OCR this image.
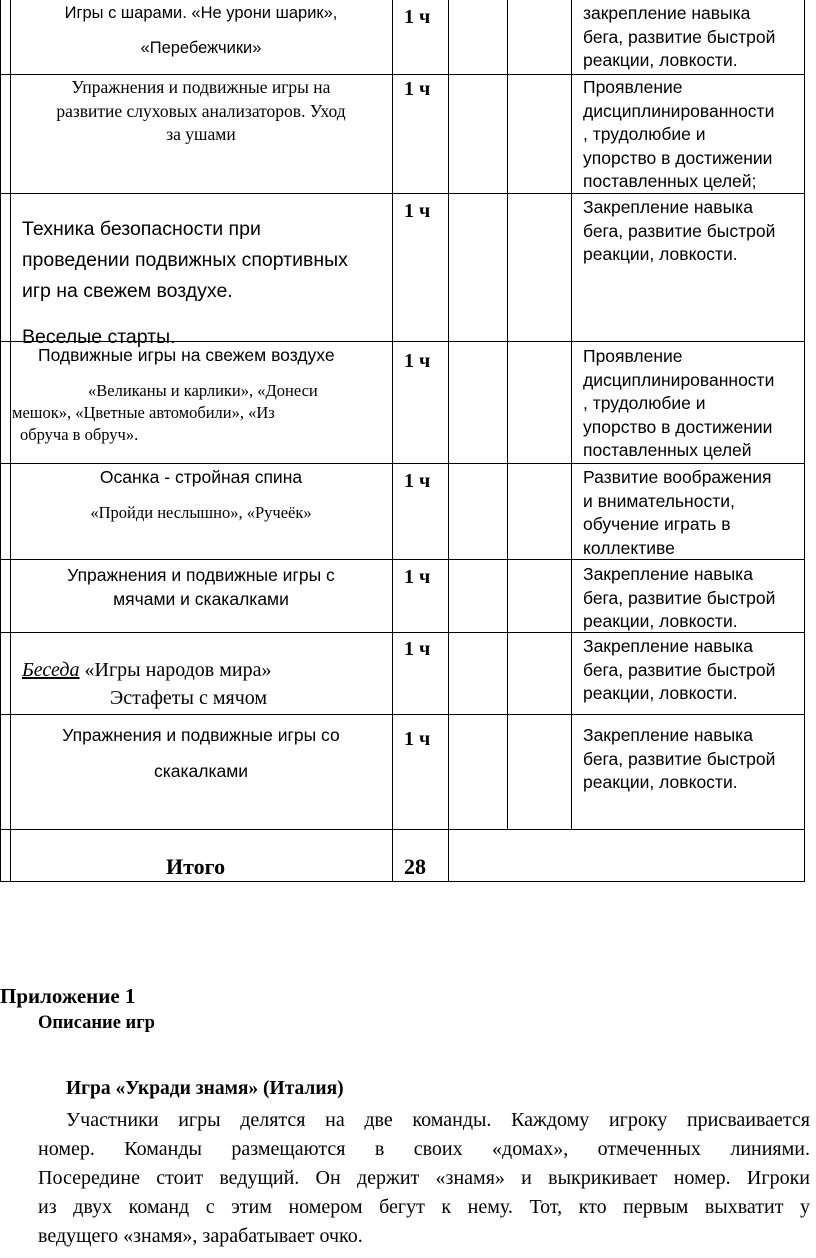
Игры с шарами. «Не урони шарик»,
«Перебежчики»
1 ч	закрепление навыка
бега, развитие быстрой
реакции, ловкости.
Упражнения и подвижные игры на
развитие слуховых анализаторов. Уход
за ушами
1 ч	Проявление
дисциплинированности
, трудолюбие и
упорство в достижении
поставленных целей;
Техника безопасности при
проведении подвижных спортивных
игр на свежем воздухе.
Веселые старты.
1 ч	Закрепление навыка
бега, развитие быстрой
реакции, ловкости.
Подвижные игры на свежем воздухе
«Великаны и карлики», «Донеси
мешок», «Цветные автомобили», «Из
обруча в обруч».
1 ч	Проявление
дисциплинированности
, трудолюбие и
упорство в достижении
поставленных целей
Осанка - стройная спина
«Пройди неслышно», «Ручеёк»
1 ч	Развитие воображения
и внимательности,
обучение играть в
коллективе
Упражнения и подвижные игры с
мячами и скакалками
1 ч	Закрепление навыка
бега, развитие быстрой
реакции, ловкости.
Беседа «Игры народов мира»
Эстафеты с мячом
1 ч	Закрепление навыка
бега, развитие быстрой
реакции, ловкости.
Упражнения и подвижные игры со
скакалками
1 ч	Закрепление навыка
бега, развитие быстрой
реакции, ловкости.
Итого	28
Приложение 1
Описание игр
Игра «Укради знамя» (Италия)
Участники игры делятся на две команды. Каждому игроку присваивается
номер. Команды размещаются в своих «домах», отмеченных линиями.
Посередине стоит ведущий. Он держит «знамя» и выкрикивает номер. Игроки
из двух команд с этим номером бегут к нему. Тот, кто первым выхватит у
ведущего «знамя», зарабатывает очко.
